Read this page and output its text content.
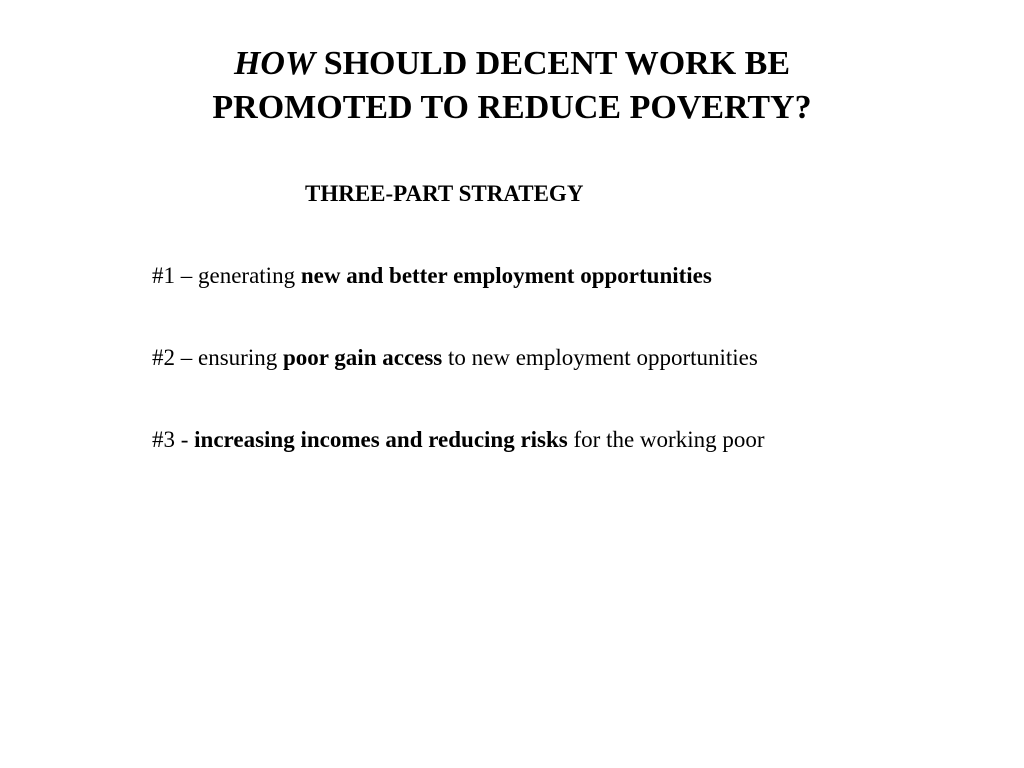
HOW SHOULD DECENT WORK BE
PROMOTED TO REDUCE POVERTY?

THREE-PART STRATEGY

#1 – generating new and better employment opportunities

#2 – ensuring poor gain access to new employment opportunities

#3 - increasing incomes and reducing risks for the working poor
